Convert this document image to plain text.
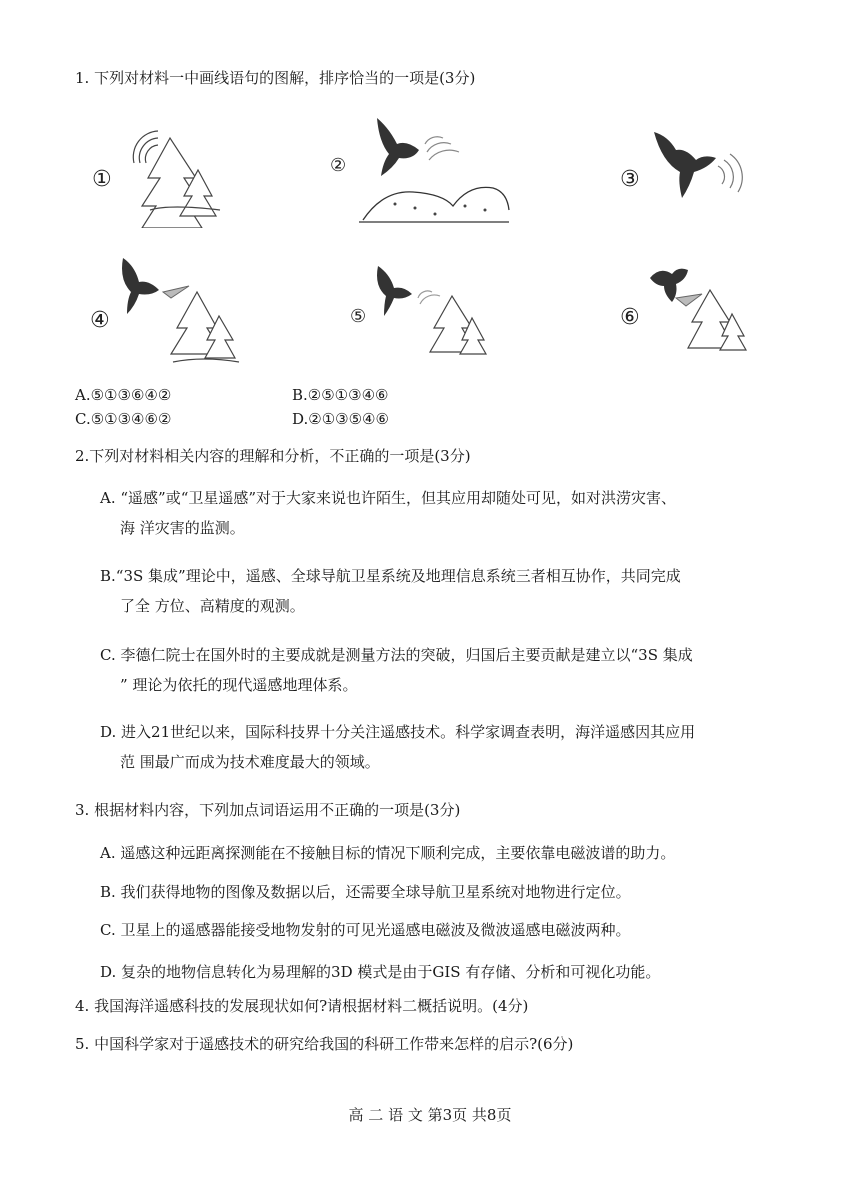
1. 下列对材料一中画线语句的图解，排序恰当的一项是(3分)
①
②
③
④	⑤	⑥
A.⑤①③⑥④②	B.②⑤①③④⑥
C.⑤①③④⑥②	D.②①③⑤④⑥
2.下列对材料相关内容的理解和分析，不正确的一项是(3分)
A. “遥感”或“卫星遥感”对于大家来说也许陌生，但其应用却随处可见，如对洪涝灾害、
海 洋灾害的监测。
B.“3S 集成”理论中，遥感、全球导航卫星系统及地理信息系统三者相互协作，共同完成
了全 方位、高精度的观测。
C. 李德仁院士在国外时的主要成就是测量方法的突破，归国后主要贡献是建立以“3S 集成
” 理论为依托的现代遥感地理体系。
D. 进入21世纪以来，国际科技界十分关注遥感技术。科学家调查表明，海洋遥感因其应用
范 围最广而成为技术难度最大的领域。
3. 根据材料内容，下列加点词语运用不正确的一项是(3分)
A. 遥感这种远距离探测能在不接触目标的情况下顺利完成，主要依靠电磁波谱的助力。
B. 我们获得地物的图像及数据以后，还需要全球导航卫星系统对地物进行定位。
C. 卫星上的遥感器能接受地物发射的可见光遥感电磁波及微波遥感电磁波两种。
D. 复杂的地物信息转化为易理解的3D 模式是由于GIS 有存储、分析和可视化功能。
4. 我国海洋遥感科技的发展现状如何?请根据材料二概括说明。(4分)
5. 中国科学家对于遥感技术的研究给我国的科研工作带来怎样的启示?(6分)
高 二 语 文 第3页 共8页
